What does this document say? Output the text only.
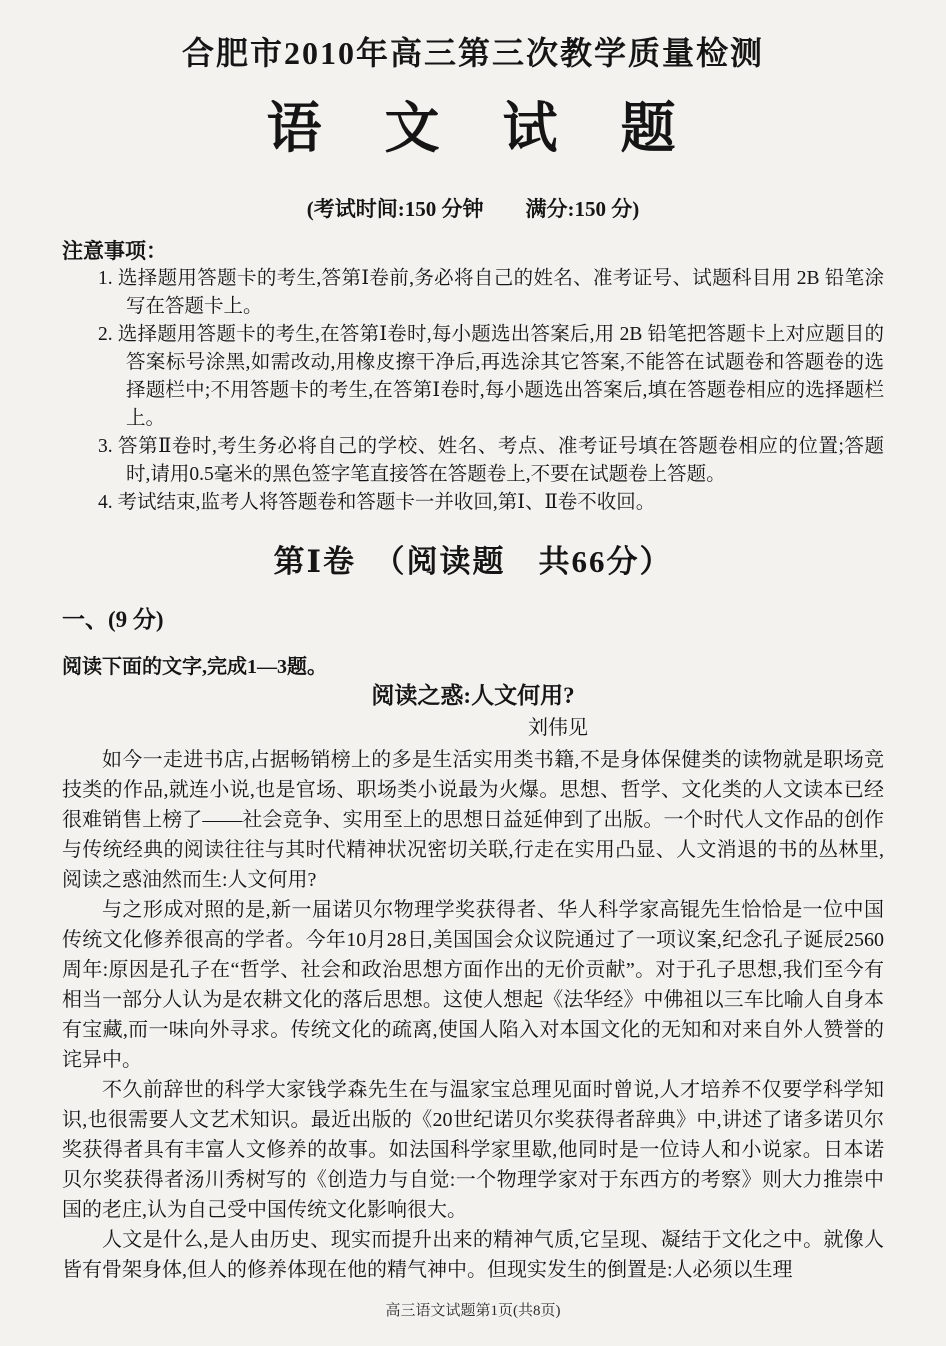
合肥市2010年高三第三次教学质量检测
语　文　试　题
(考试时间:150 分钟　　满分:150 分)
注意事项：
1. 选择题用答题卡的考生,答第Ⅰ卷前,务必将自己的姓名、准考证号、试题科目用 2B 铅笔涂写在答题卡上。
2. 选择题用答题卡的考生,在答第Ⅰ卷时,每小题选出答案后,用 2B 铅笔把答题卡上对应题目的答案标号涂黑,如需改动,用橡皮擦干净后,再选涂其它答案,不能答在试题卷和答题卷的选择题栏中;不用答题卡的考生,在答第Ⅰ卷时,每小题选出答案后,填在答题卷相应的选择题栏上。
3. 答第Ⅱ卷时,考生务必将自己的学校、姓名、考点、准考证号填在答题卷相应的位置;答题时,请用0.5毫米的黑色签字笔直接答在答题卷上,不要在试题卷上答题。
4. 考试结束,监考人将答题卷和答题卡一并收回,第Ⅰ、Ⅱ卷不收回。
第Ⅰ卷　（阅读题　共66分）
一、(9 分)
阅读下面的文字,完成1—3题。
阅读之惑:人文何用?
刘伟见

如今一走进书店,占据畅销榜上的多是生活实用类书籍,不是身体保健类的读物就是职场竞技类的作品,就连小说,也是官场、职场类小说最为火爆。思想、哲学、文化类的人文读本已经很难销售上榜了——社会竞争、实用至上的思想日益延伸到了出版。一个时代人文作品的创作与传统经典的阅读往往与其时代精神状况密切关联,行走在实用凸显、人文消退的书的丛林里,阅读之惑油然而生:人文何用?

与之形成对照的是,新一届诺贝尔物理学奖获得者、华人科学家高锟先生恰恰是一位中国传统文化修养很高的学者。今年10月28日,美国国会众议院通过了一项议案,纪念孔子诞辰2560周年:原因是孔子在“哲学、社会和政治思想方面作出的无价贡献”。对于孔子思想,我们至今有相当一部分人认为是农耕文化的落后思想。这使人想起《法华经》中佛祖以三车比喻人自身本有宝藏,而一味向外寻求。传统文化的疏离,使国人陷入对本国文化的无知和对来自外人赞誉的诧异中。

不久前辞世的科学大家钱学森先生在与温家宝总理见面时曾说,人才培养不仅要学科学知识,也很需要人文艺术知识。最近出版的《20世纪诺贝尔奖获得者辞典》中,讲述了诸多诺贝尔奖获得者具有丰富人文修养的故事。如法国科学家里歇,他同时是一位诗人和小说家。日本诺贝尔奖获得者汤川秀树写的《创造力与自觉:一个物理学家对于东西方的考察》则大力推崇中国的老庄,认为自己受中国传统文化影响很大。

人文是什么,是人由历史、现实而提升出来的精神气质,它呈现、凝结于文化之中。就像人皆有骨架身体,但人的修养体现在他的精气神中。但现实发生的倒置是:人必须以生理

高三语文试题第1页(共8页)
